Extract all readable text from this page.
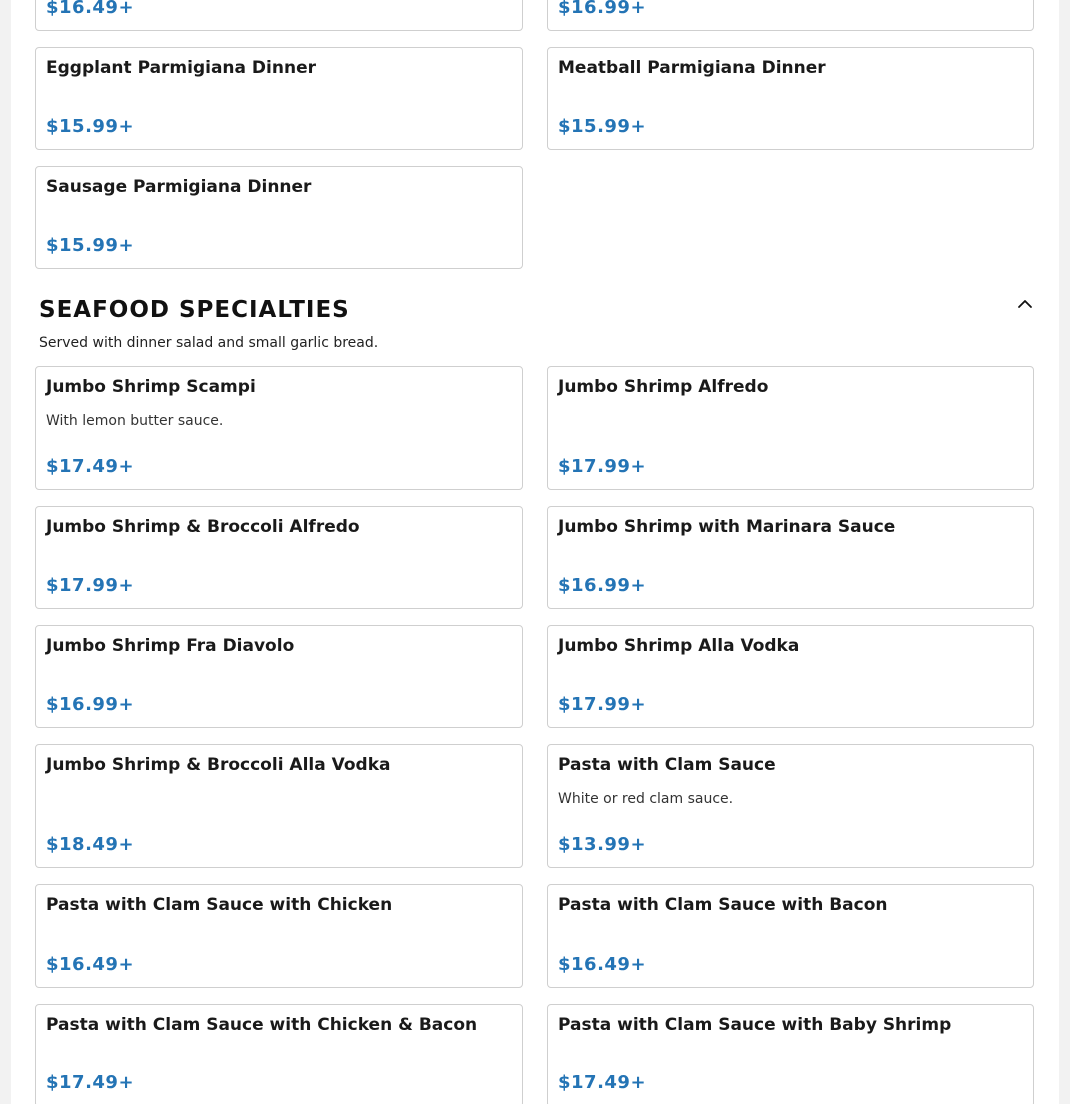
$16.49+	$16.99+
Eggplant Parmigiana Dinner
$15.99+
Meatball Parmigiana Dinner
$15.99+
Sausage Parmigiana Dinner
$15.99+
SEAFOOD SPECIALTIES
Served with dinner salad and small garlic bread.
Jumbo Shrimp Scampi
With lemon butter sauce.
$17.49+
Jumbo Shrimp Alfredo
$17.99+
Jumbo Shrimp & Broccoli Alfredo
$17.99+
Jumbo Shrimp with Marinara Sauce
$16.99+
Jumbo Shrimp Fra Diavolo
$16.99+
Jumbo Shrimp Alla Vodka
$17.99+
Jumbo Shrimp & Broccoli Alla Vodka
$18.49+
Pasta with Clam Sauce
White or red clam sauce.
$13.99+
Pasta with Clam Sauce with Chicken
$16.49+
Pasta with Clam Sauce with Bacon
$16.49+
Pasta with Clam Sauce with Chicken & Bacon
$17.49+
Pasta with Clam Sauce with Baby Shrimp
$17.49+
